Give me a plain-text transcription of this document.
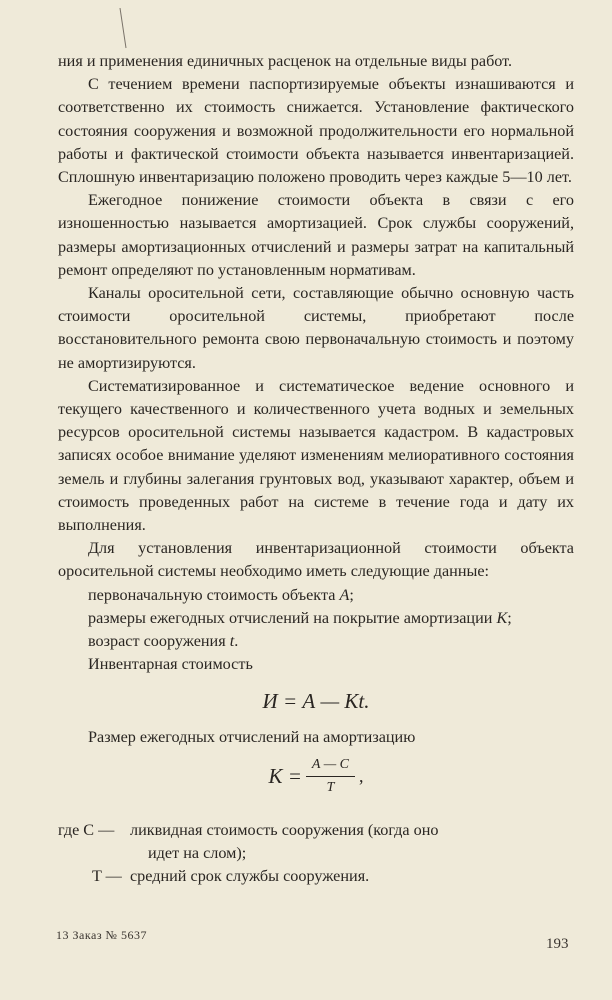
ния и применения единичных расценок на отдельные виды работ.

С течением времени паспортизируемые объекты изнашиваются и соответственно их стоимость снижается. Установление фактического состояния сооружения и возможной продолжительности его нормальной работы и фактической стоимости объекта называется инвентаризацией. Сплошную инвентаризацию положено проводить через каждые 5—10 лет.

Ежегодное понижение стоимости объекта в связи с его изношенностью называется амортизацией. Срок службы сооружений, размеры амортизационных отчислений и размеры затрат на капитальный ремонт определяют по установленным нормативам.

Каналы оросительной сети, составляющие обычно основную часть стоимости оросительной системы, приобретают после восстановительного ремонта свою первоначальную стоимость и поэтому не амортизируются.

Систематизированное и систематическое ведение основного и текущего качественного и количественного учета водных и земельных ресурсов оросительной системы называется кадастром. В кадастровых записях особое внимание уделяют изменениям мелиоративного состояния земель и глубины залегания грунтовых вод, указывают характер, объем и стоимость проведенных работ на системе в течение года и дату их выполнения.

Для установления инвентаризационной стоимости объекта оросительной системы необходимо иметь следующие данные:

первоначальную стоимость объекта А;

размеры ежегодных отчислений на покрытие амортизации K;

возраст сооружения t.

Инвентарная стоимость

И = А — Kt.

Размер ежегодных отчислений на амортизацию

$K = \frac{A — C}{T}$ ,
где C — ликвидная стоимость сооружения (когда оно
идет на слом);
T — средний срок службы сооружения.
13 Заказ № 5637
193
